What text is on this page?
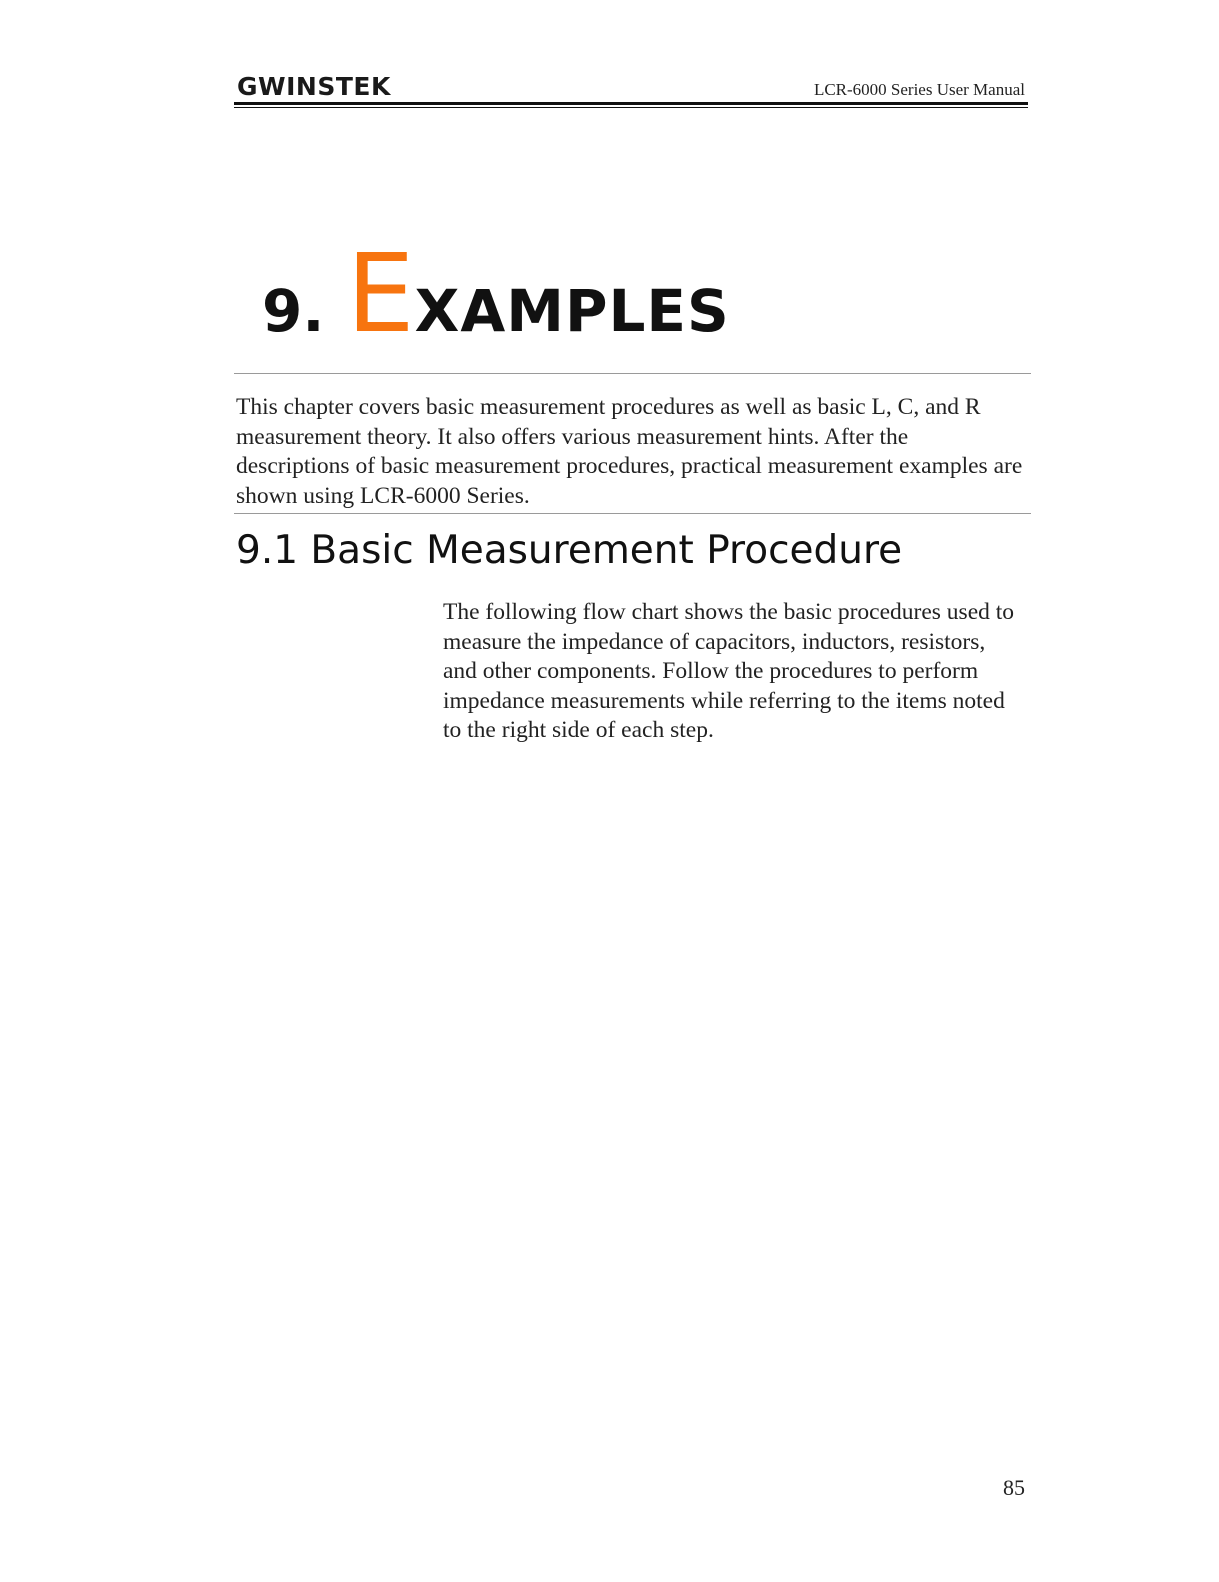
GWINSTEK	LCR-6000 Series User Manual
9. EXAMPLES
This chapter covers basic measurement procedures as well as basic L, C, and R measurement theory. It also offers various measurement hints. After the descriptions of basic measurement procedures, practical measurement examples are shown using LCR-6000 Series.
9.1 Basic Measurement Procedure
The following flow chart shows the basic procedures used to measure the impedance of capacitors, inductors, resistors, and other components. Follow the procedures to perform impedance measurements while referring to the items noted to the right side of each step.
85
